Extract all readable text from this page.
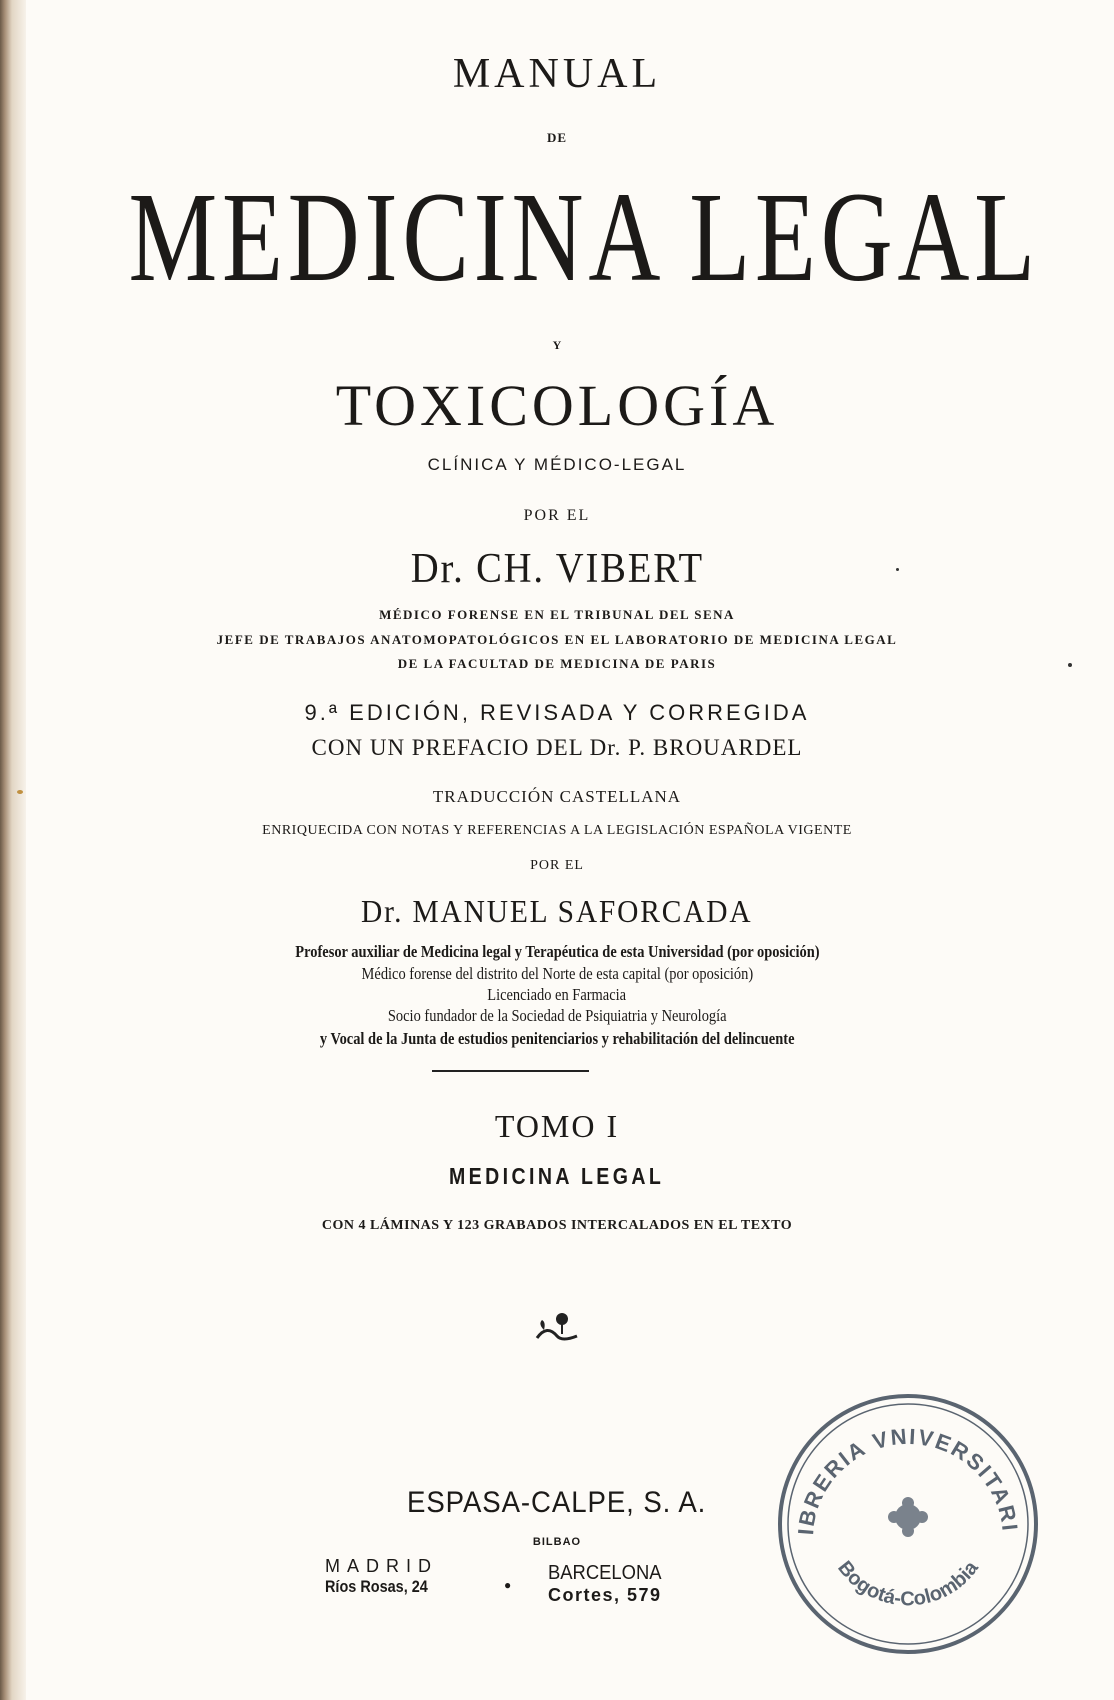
MANUAL
DE
MEDICINA LEGAL
Y
TOXICOLOGÍA
CLÍNICA Y MÉDICO-LEGAL
POR EL
Dr. CH. VIBERT
MÉDICO FORENSE EN EL TRIBUNAL DEL SENA
JEFE DE TRABAJOS ANATOMOPATOLÓGICOS EN EL LABORATORIO DE MEDICINA LEGAL
DE LA FACULTAD DE MEDICINA DE PARIS
9.ª EDICIÓN, REVISADA Y CORREGIDA
CON UN PREFACIO DEL Dr. P. BROUARDEL
TRADUCCIÓN CASTELLANA
ENRIQUECIDA CON NOTAS Y REFERENCIAS A LA LEGISLACIÓN ESPAÑOLA VIGENTE
POR EL
Dr. MANUEL SAFORCADA
Profesor auxiliar de Medicina legal y Terapéutica de esta Universidad (por oposición)
Médico forense del distrito del Norte de esta capital (por oposición)
Licenciado en Farmacia
Socio fundador de la Sociedad de Psiquiatria y Neurología
y Vocal de la Junta de estudios penitenciarios y rehabilitación del delincuente
TOMO I
MEDICINA LEGAL
CON 4 LÁMINAS Y 123 GRABADOS INTERCALADOS EN EL TEXTO
ESPASA-CALPE, S. A.
BILBAO
MADRID
Ríos Rosas, 24	●
BARCELONA
Cortes, 579
IBRERIA VNIVERSITARI
Bogotá-Colombia
